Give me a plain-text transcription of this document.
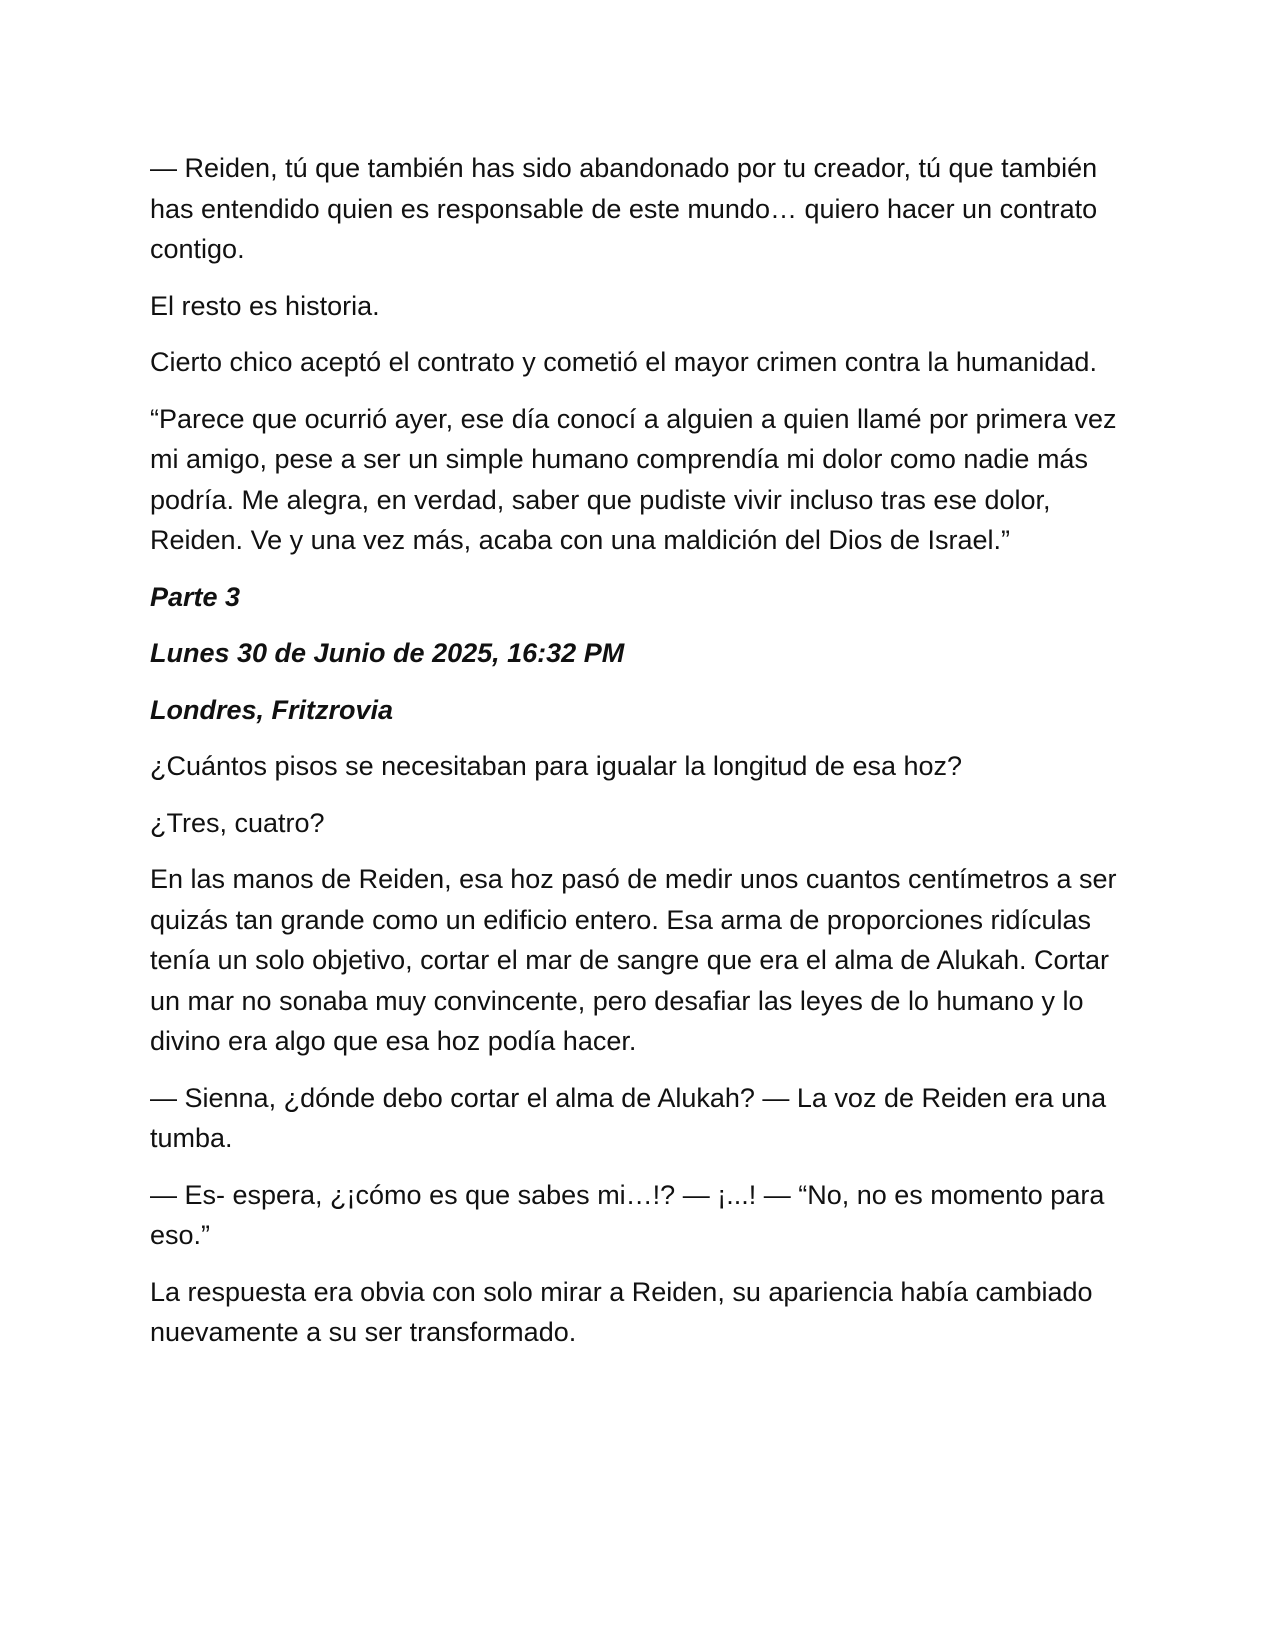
— Reiden, tú que también has sido abandonado por tu creador, tú que también has entendido quien es responsable de este mundo… quiero hacer un contrato contigo.

El resto es historia.

Cierto chico aceptó el contrato y cometió el mayor crimen contra la humanidad.

“Parece que ocurrió ayer, ese día conocí a alguien a quien llamé por primera vez mi amigo, pese a ser un simple humano comprendía mi dolor como nadie más podría. Me alegra, en verdad, saber que pudiste vivir incluso tras ese dolor, Reiden. Ve y una vez más, acaba con una maldición del Dios de Israel.”

Parte 3

Lunes 30 de Junio de 2025, 16:32 PM

Londres, Fritzrovia

¿Cuántos pisos se necesitaban para igualar la longitud de esa hoz?

¿Tres, cuatro?

En las manos de Reiden, esa hoz pasó de medir unos cuantos centímetros a ser quizás tan grande como un edificio entero. Esa arma de proporciones ridículas tenía un solo objetivo, cortar el mar de sangre que era el alma de Alukah. Cortar un mar no sonaba muy convincente, pero desafiar las leyes de lo humano y lo divino era algo que esa hoz podía hacer.

— Sienna, ¿dónde debo cortar el alma de Alukah? — La voz de Reiden era una tumba.

— Es- espera, ¿¡cómo es que sabes mi…!? — ¡...! — “No, no es momento para eso.”

La respuesta era obvia con solo mirar a Reiden, su apariencia había cambiado nuevamente a su ser transformado.
